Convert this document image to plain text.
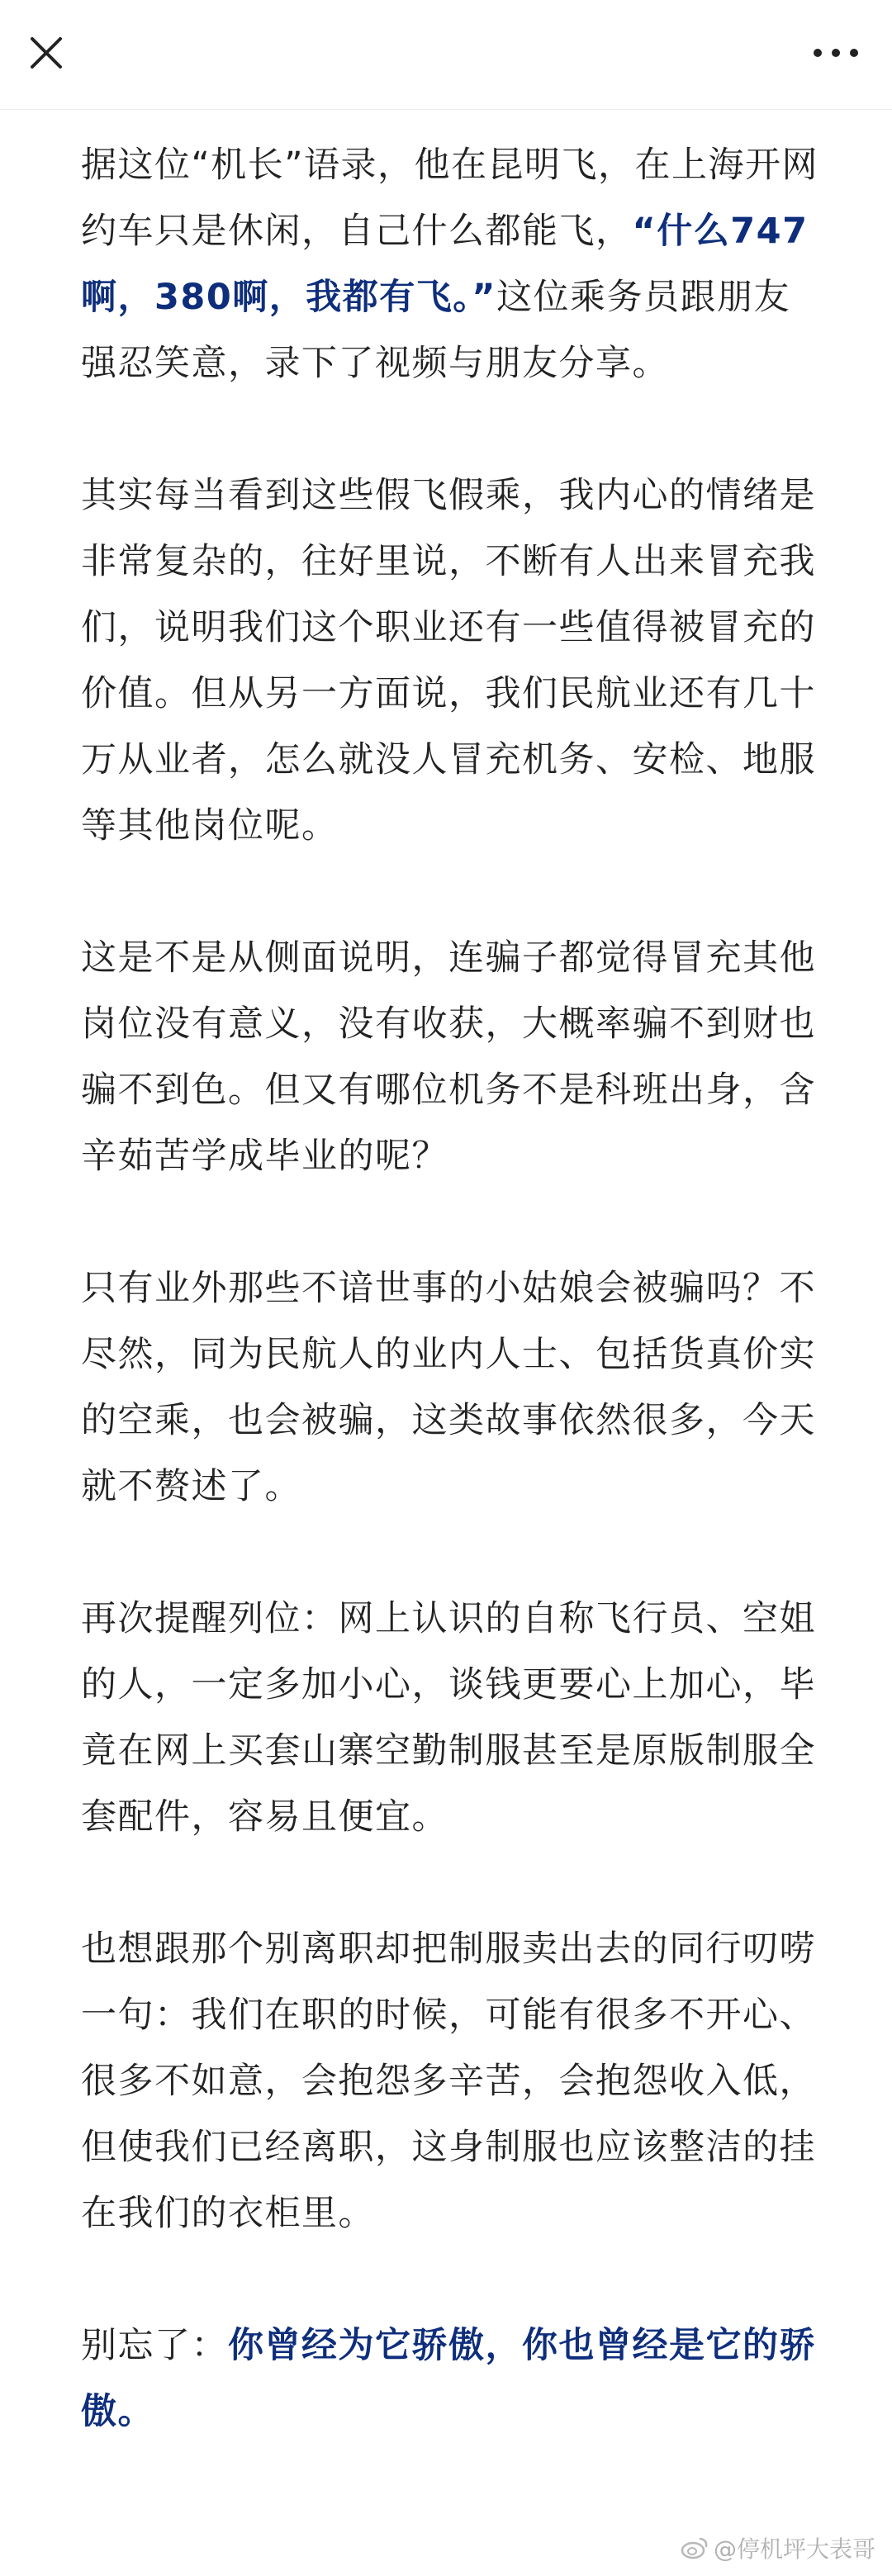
据这位“机长”语录，他在昆明飞，在上海开网约车只是休闲，自己什么都能飞，“什么747啊，380啊，我都有飞。”这位乘务员跟朋友强忍笑意，录下了视频与朋友分享。

其实每当看到这些假飞假乘，我内心的情绪是非常复杂的，往好里说，不断有人出来冒充我们，说明我们这个职业还有一些值得被冒充的价值。但从另一方面说，我们民航业还有几十万从业者，怎么就没人冒充机务、安检、地服等其他岗位呢。

这是不是从侧面说明，连骗子都觉得冒充其他岗位没有意义，没有收获，大概率骗不到财也骗不到色。但又有哪位机务不是科班出身，含辛茹苦学成毕业的呢？

只有业外那些不谙世事的小姑娘会被骗吗？不尽然，同为民航人的业内人士、包括货真价实的空乘，也会被骗，这类故事依然很多，今天就不赘述了。

再次提醒列位：网上认识的自称飞行员、空姐的人，一定多加小心，谈钱更要心上加心，毕竟在网上买套山寨空勤制服甚至是原版制服全套配件，容易且便宜。

也想跟那个别离职却把制服卖出去的同行叨唠一句：我们在职的时候，可能有很多不开心、很多不如意，会抱怨多辛苦，会抱怨收入低，但使我们已经离职，这身制服也应该整洁的挂在我们的衣柜里。

别忘了：你曾经为它骄傲，你也曾经是它的骄傲。

@停机坪大表哥
